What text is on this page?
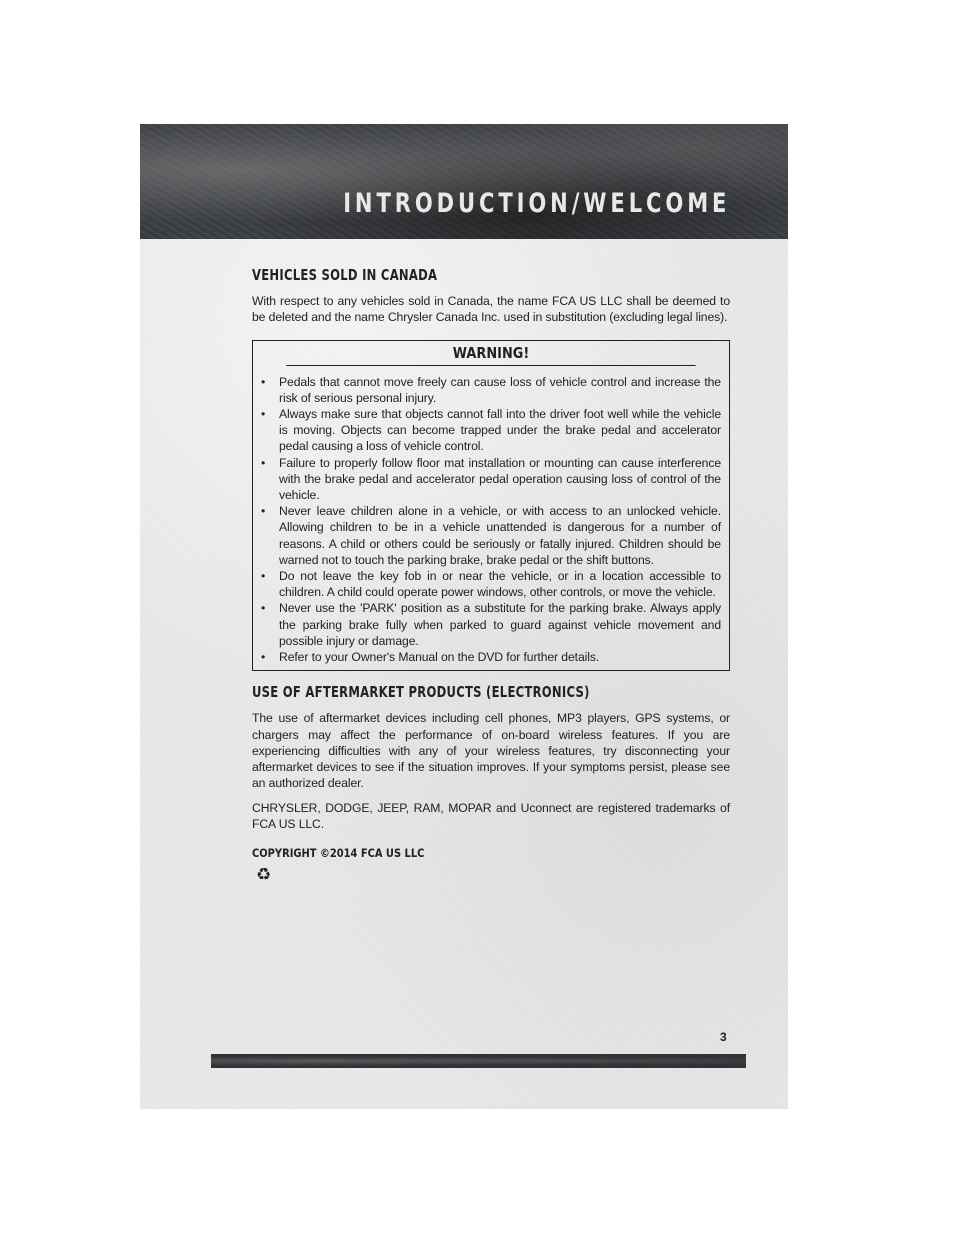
INTRODUCTION/WELCOME
VEHICLES SOLD IN CANADA

With respect to any vehicles sold in Canada, the name FCA US LLC shall be deemed to be deleted and the name Chrysler Canada Inc. used in substitution (excluding legal lines).

WARNING!
•	Pedals that cannot move freely can cause loss of vehicle control and increase the risk of serious personal injury.
•	Always make sure that objects cannot fall into the driver foot well while the vehicle is moving. Objects can become trapped under the brake pedal and accelerator pedal causing a loss of vehicle control.
•	Failure to properly follow floor mat installation or mounting can cause interference with the brake pedal and accelerator pedal operation causing loss of control of the vehicle.
•	Never leave children alone in a vehicle, or with access to an unlocked vehicle. Allowing children to be in a vehicle unattended is dangerous for a number of reasons. A child or others could be seriously or fatally injured. Children should be warned not to touch the parking brake, brake pedal or the shift buttons.
•	Do not leave the key fob in or near the vehicle, or in a location accessible to children. A child could operate power windows, other controls, or move the vehicle.
•	Never use the 'PARK' position as a substitute for the parking brake. Always apply the parking brake fully when parked to guard against vehicle movement and possible injury or damage.
•	Refer to your Owner's Manual on the DVD for further details.
USE OF AFTERMARKET PRODUCTS (ELECTRONICS)

The use of aftermarket devices including cell phones, MP3 players, GPS systems, or chargers may affect the performance of on-board wireless features. If you are experiencing difficulties with any of your wireless features, try disconnecting your aftermarket devices to see if the situation improves. If your symptoms persist, please see an authorized dealer.

CHRYSLER, DODGE, JEEP, RAM, MOPAR and Uconnect are registered trademarks of FCA US LLC.

COPYRIGHT ©2014 FCA US LLC
♻
3
